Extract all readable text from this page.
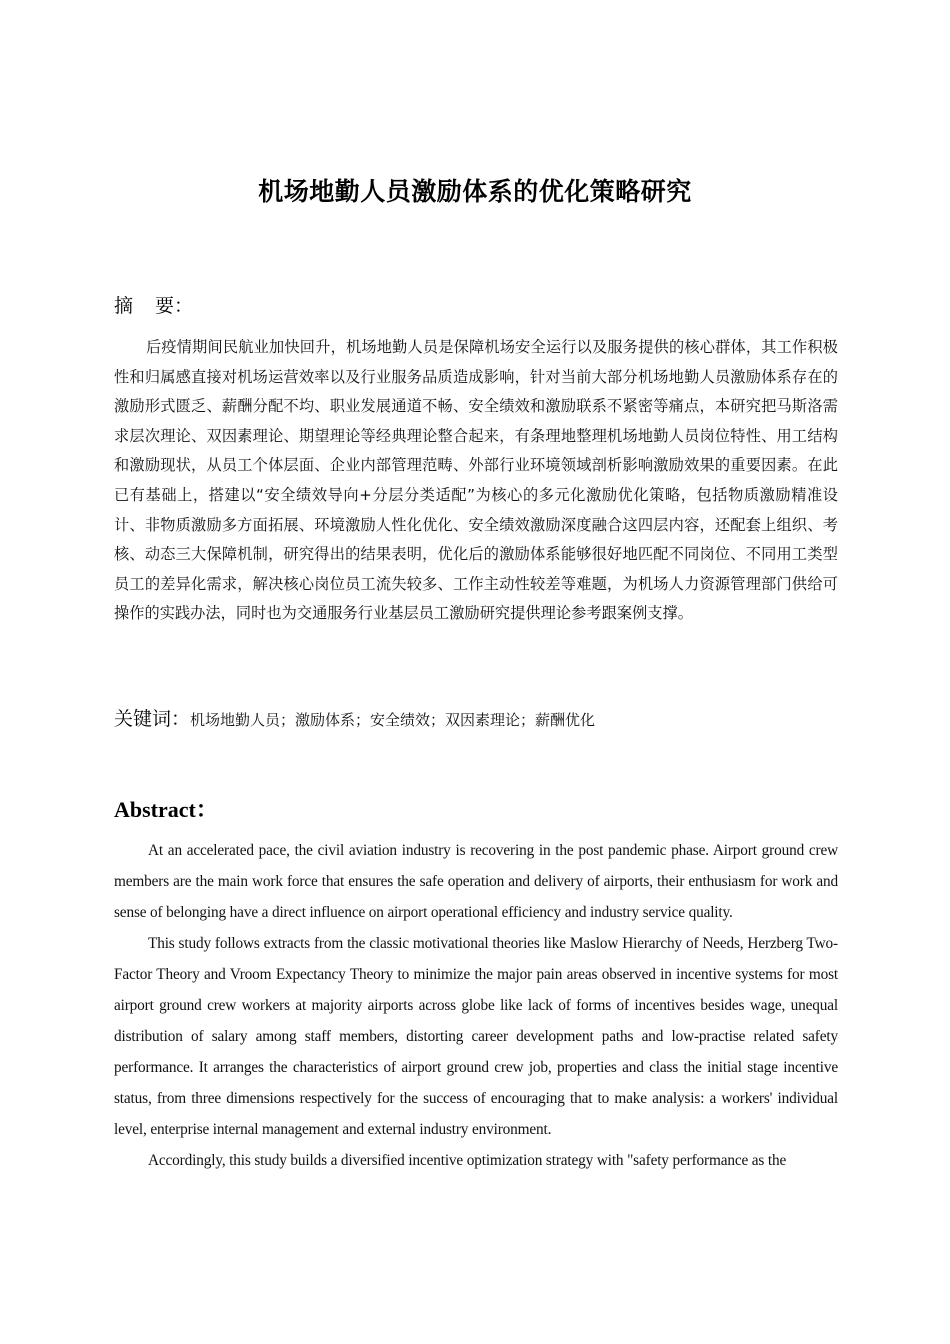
机场地勤人员激励体系的优化策略研究
摘 要：

后疫情期间民航业加快回升，机场地勤人员是保障机场安全运行以及服务提供的核心群体，其工作积极性和归属感直接对机场运营效率以及行业服务品质造成影响，针对当前大部分机场地勤人员激励体系存在的激励形式匮乏、薪酬分配不均、职业发展通道不畅、安全绩效和激励联系不紧密等痛点，本研究把马斯洛需求层次理论、双因素理论、期望理论等经典理论整合起来，有条理地整理机场地勤人员岗位特性、用工结构和激励现状，从员工个体层面、企业内部管理范畴、外部行业环境领域剖析影响激励效果的重要因素。在此已有基础上，搭建以“安全绩效导向+分层分类适配”为核心的多元化激励优化策略，包括物质激励精准设计、非物质激励多方面拓展、环境激励人性化优化、安全绩效激励深度融合这四层内容，还配套上组织、考核、动态三大保障机制，研究得出的结果表明，优化后的激励体系能够很好地匹配不同岗位、不同用工类型员工的差异化需求，解决核心岗位员工流失较多、工作主动性较差等难题，为机场人力资源管理部门供给可操作的实践办法，同时也为交通服务行业基层员工激励研究提供理论参考跟案例支撑。

关键词：机场地勤人员；激励体系；安全绩效；双因素理论；薪酬优化
Abstract：

At an accelerated pace, the civil aviation industry is recovering in the post pandemic phase. Airport ground crew members are the main work force that ensures the safe operation and delivery of airports, their enthusiasm for work and sense of belonging have a direct influence on airport operational efficiency and industry service quality.

This study follows extracts from the classic motivational theories like Maslow Hierarchy of Needs, Herzberg Two-Factor Theory and Vroom Expectancy Theory to minimize the major pain areas observed in incentive systems for most airport ground crew workers at majority airports across globe like lack of forms of incentives besides wage, unequal distribution of salary among staff members, distorting career development paths and low-practise related safety performance. It arranges the characteristics of airport ground crew job, properties and class the initial stage incentive status, from three dimensions respectively for the success of encouraging that to make analysis: a workers' individual level, enterprise internal management and external industry environment.

Accordingly, this study builds a diversified incentive optimization strategy with "safety performance as the
